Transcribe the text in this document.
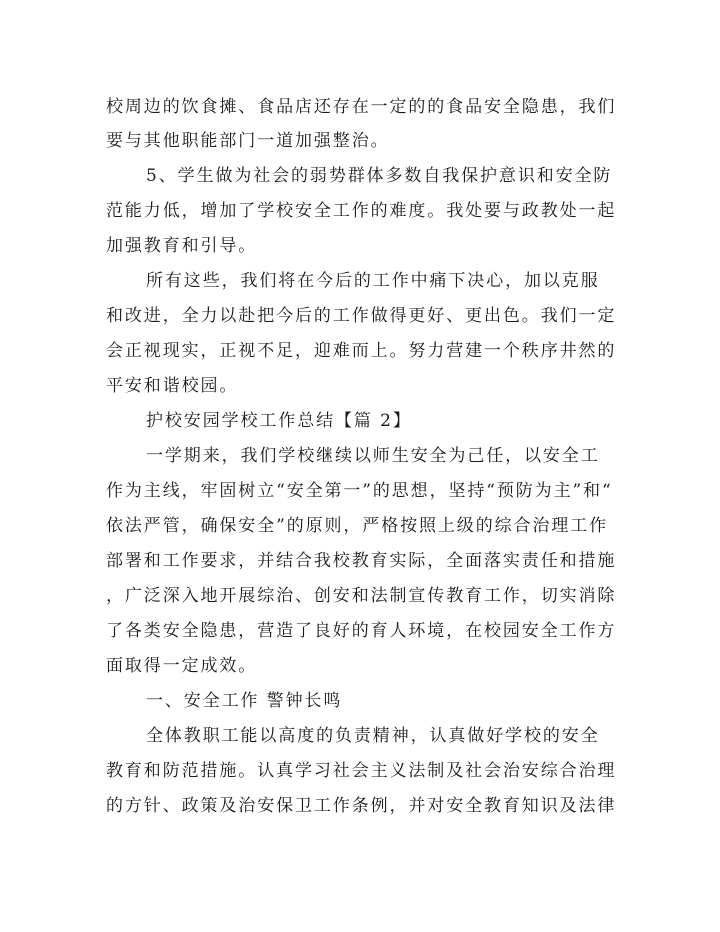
校周边的饮食摊、食品店还存在一定的的食品安全隐患，我们
要与其他职能部门一道加强整治。
5、学生做为社会的弱势群体多数自我保护意识和安全防
范能力低，增加了学校安全工作的难度。我处要与政教处一起
加强教育和引导。
所有这些，我们将在今后的工作中痛下决心，加以克服
和改进，全力以赴把今后的工作做得更好、更出色。我们一定
会正视现实，正视不足，迎难而上。努力营建一个秩序井然的
平安和谐校园。
护校安园学校工作总结【篇 2】
一学期来，我们学校继续以师生安全为己任，以安全工
作为主线，牢固树立“安全第一”的思想，坚持“预防为主”和“
依法严管，确保安全”的原则，严格按照上级的综合治理工作
部署和工作要求，并结合我校教育实际，全面落实责任和措施
，广泛深入地开展综治、创安和法制宣传教育工作，切实消除
了各类安全隐患，营造了良好的育人环境，在校园安全工作方
面取得一定成效。
一、安全工作 警钟长鸣
全体教职工能以高度的负责精神，认真做好学校的安全
教育和防范措施。认真学习社会主义法制及社会治安综合治理
的方针、政策及治安保卫工作条例，并对安全教育知识及法律
